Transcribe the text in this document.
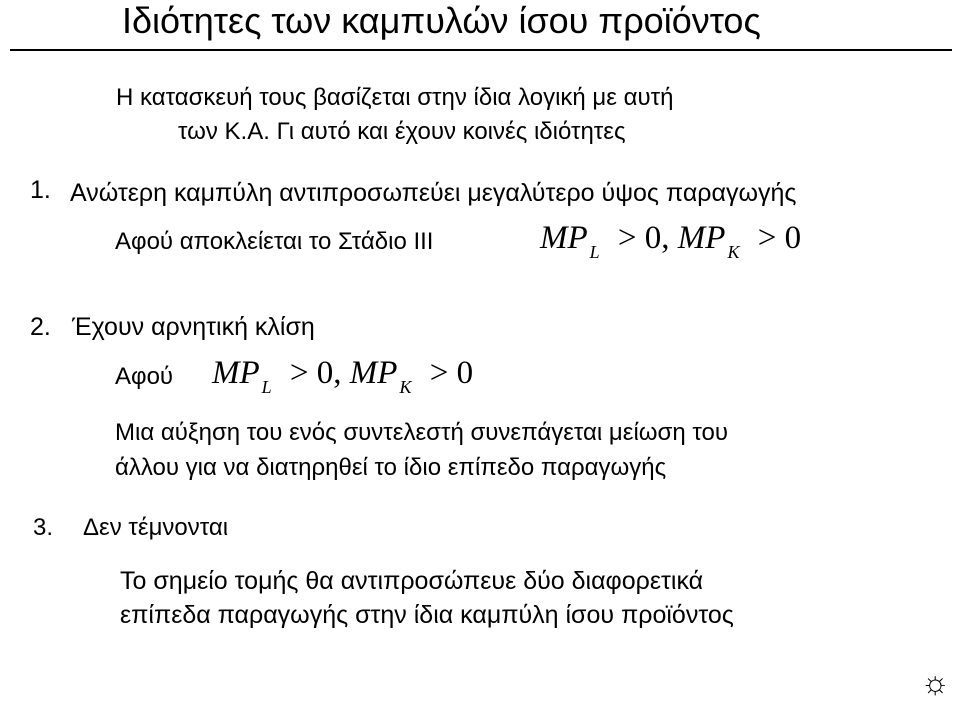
Ιδιότητες των καμπυλών ίσου προϊόντος
Η κατασκευή τους βασίζεται στην ίδια λογική με αυτή
των Κ.Α. Γι αυτό και έχουν κοινές ιδιότητες
1. Ανώτερη καμπύλη αντιπροσωπεύει μεγαλύτερο ύψος παραγωγής
Αφού αποκλείεται το Στάδιο ΙΙΙ	MP $_L$ > 0, MP $_K$ > 0
2. Έχουν αρνητική κλίση
Αφού MP $_L$ > 0, MP $_K$ > 0
Μια αύξηση του ενός συντελεστή συνεπάγεται μείωση του
άλλου για να διατηρηθεί το ίδιο επίπεδο παραγωγής
3. Δεν τέμνονται
Το σημείο τομής θα αντιπροσώπευε δύο διαφορετικά
επίπεδα παραγωγής στην ίδια καμπύλη ίσου προϊόντος
☼
